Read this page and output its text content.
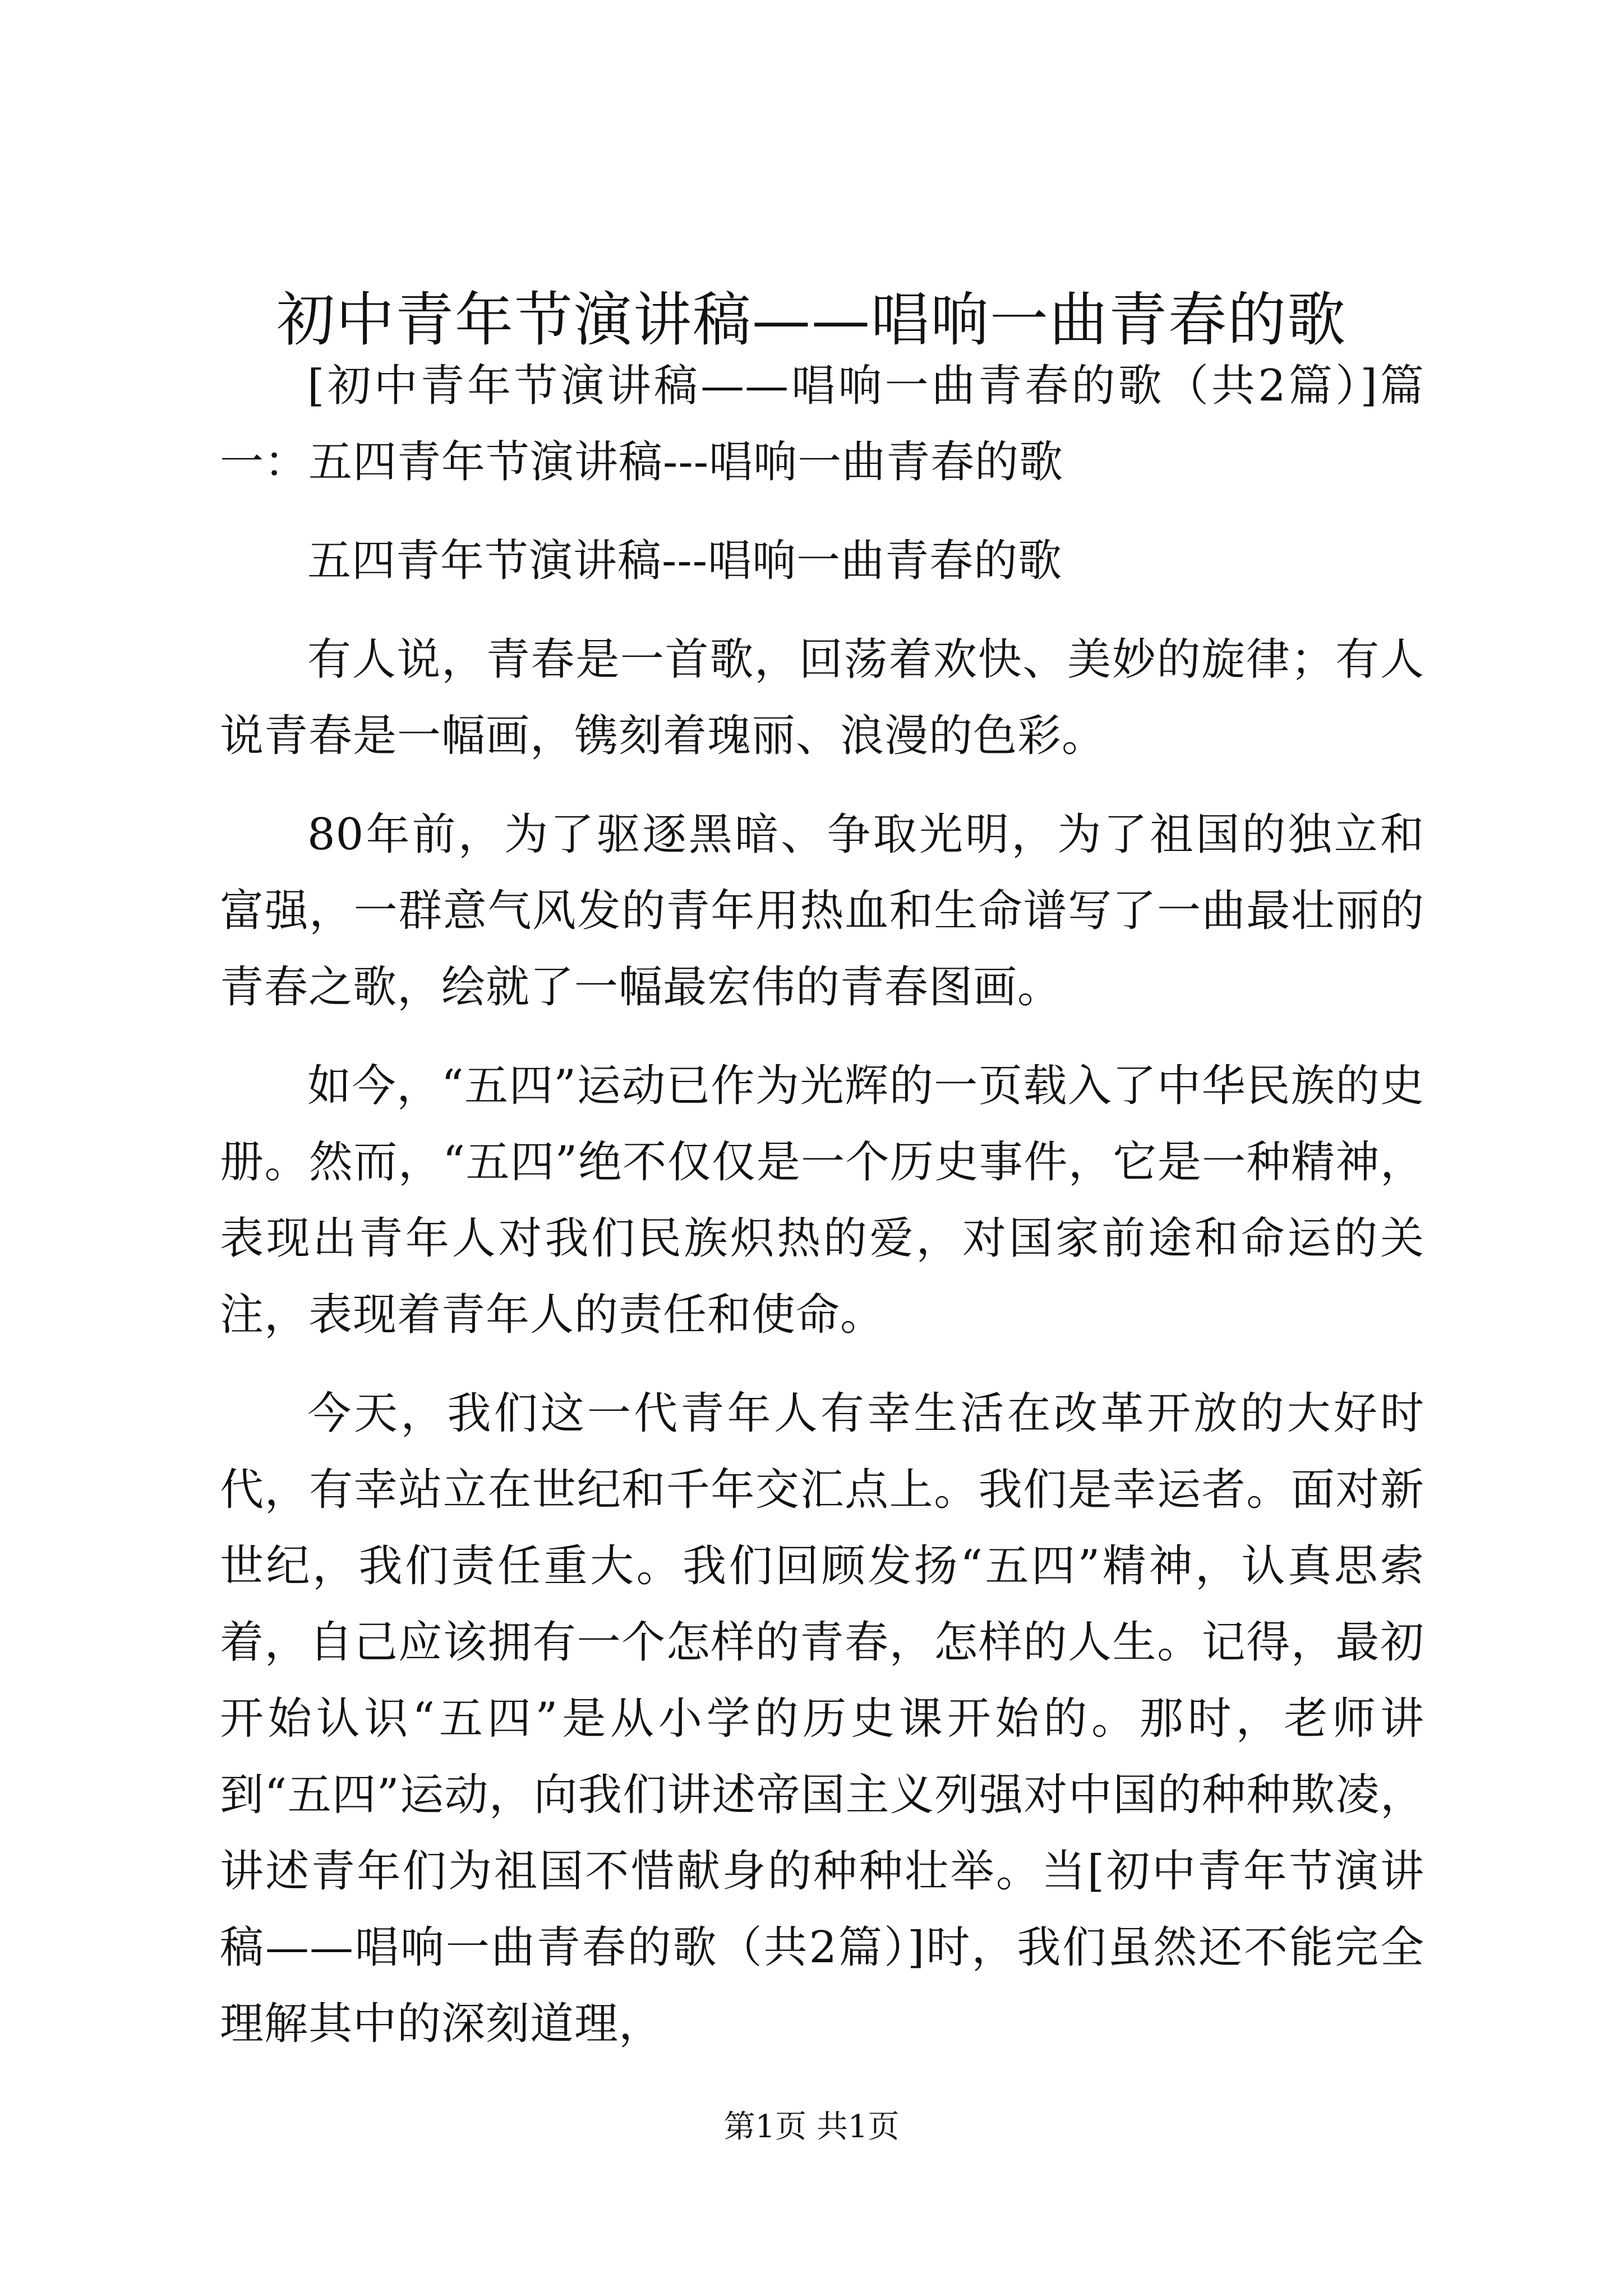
初中青年节演讲稿——唱响一曲青春的歌

[初中青年节演讲稿——唱响一曲青春的歌（共2篇）]篇一：五四青年节演讲稿---唱响一曲青春的歌

五四青年节演讲稿---唱响一曲青春的歌

有人说，青春是一首歌，回荡着欢快、美妙的旋律；有人说青春是一幅画，镌刻着瑰丽、浪漫的色彩。

80年前，为了驱逐黑暗、争取光明，为了祖国的独立和富强，一群意气风发的青年用热血和生命谱写了一曲最壮丽的青春之歌，绘就了一幅最宏伟的青春图画。

如今，“五四”运动已作为光辉的一页载入了中华民族的史册。然而，“五四”绝不仅仅是一个历史事件，它是一种精神，表现出青年人对我们民族炽热的爱，对国家前途和命运的关注，表现着青年人的责任和使命。

今天，我们这一代青年人有幸生活在改革开放的大好时代，有幸站立在世纪和千年交汇点上。我们是幸运者。面对新世纪，我们责任重大。我们回顾发扬“五四”精神，认真思索着，自己应该拥有一个怎样的青春，怎样的人生。记得，最初开始认识“五四”是从小学的历史课开始的。那时，老师讲到“五四”运动，向我们讲述帝国主义列强对中国的种种欺凌，讲述青年们为祖国不惜献身的种种壮举。当[初中青年节演讲稿——唱响一曲青春的歌（共2篇）]时，我们虽然还不能完全理解其中的深刻道理，

第1页 共1页
